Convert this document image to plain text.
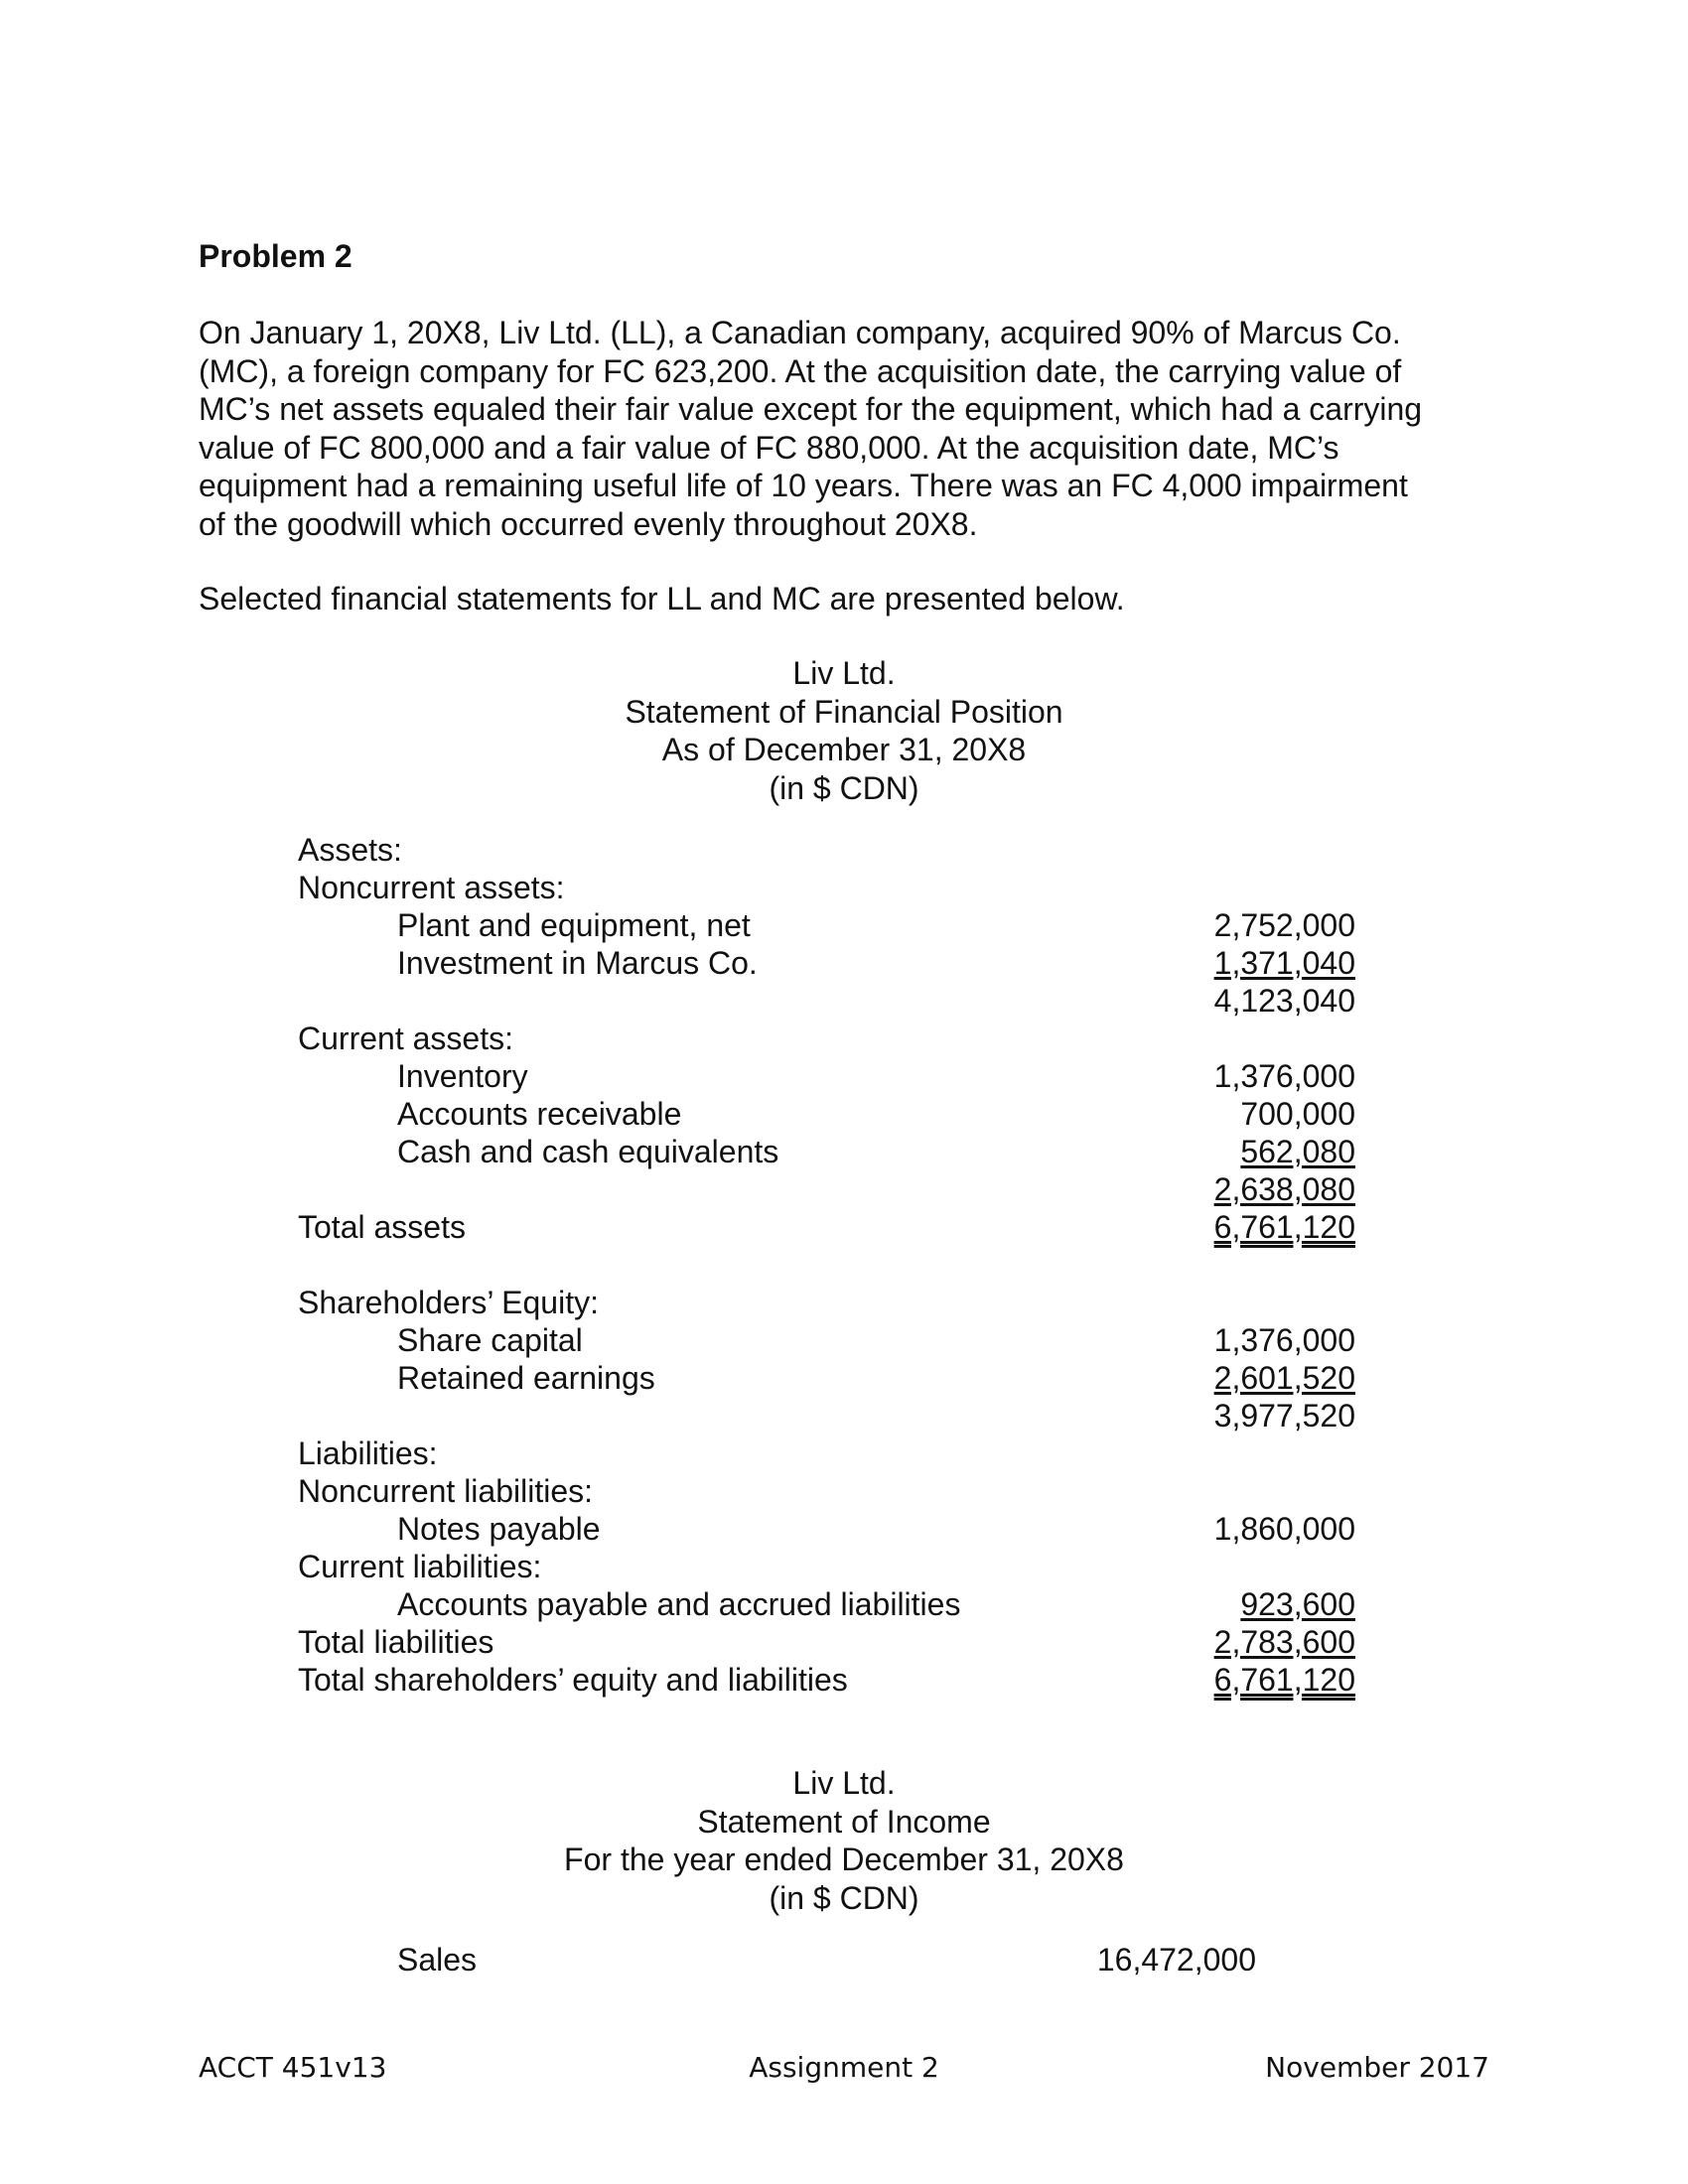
Problem 2

On January 1, 20X8, Liv Ltd. (LL), a Canadian company, acquired 90% of Marcus Co.

(MC), a foreign company for FC 623,200. At the acquisition date, the carrying value of

MC’s net assets equaled their fair value except for the equipment, which had a carrying

value of FC 800,000 and a fair value of FC 880,000. At the acquisition date, MC’s

equipment had a remaining useful life of 10 years. There was an FC 4,000 impairment

of the goodwill which occurred evenly throughout 20X8.

Selected financial statements for LL and MC are presented below.

Liv Ltd.
Statement of Financial Position
As of December 31, 20X8
(in $ CDN)
Assets:
Noncurrent assets:
Plant and equipment, net	2,752,000
Investment in Marcus Co.	1,371,040
4,123,040
Current assets:
Inventory	1,376,000
Accounts receivable	700,000
Cash and cash equivalents	562,080
2,638,080
Total assets	6,761,120
Shareholders’ Equity:
Share capital	1,376,000
Retained earnings	2,601,520
3,977,520
Liabilities:
Noncurrent liabilities:
Notes payable	1,860,000
Current liabilities:
Accounts payable and accrued liabilities	923,600
Total liabilities	2,783,600
Total shareholders’ equity and liabilities	6,761,120
Liv Ltd.
Statement of Income
For the year ended December 31, 20X8
(in $ CDN)
Sales	16,472,000
ACCT 451v13	Assignment 2	November 2017
